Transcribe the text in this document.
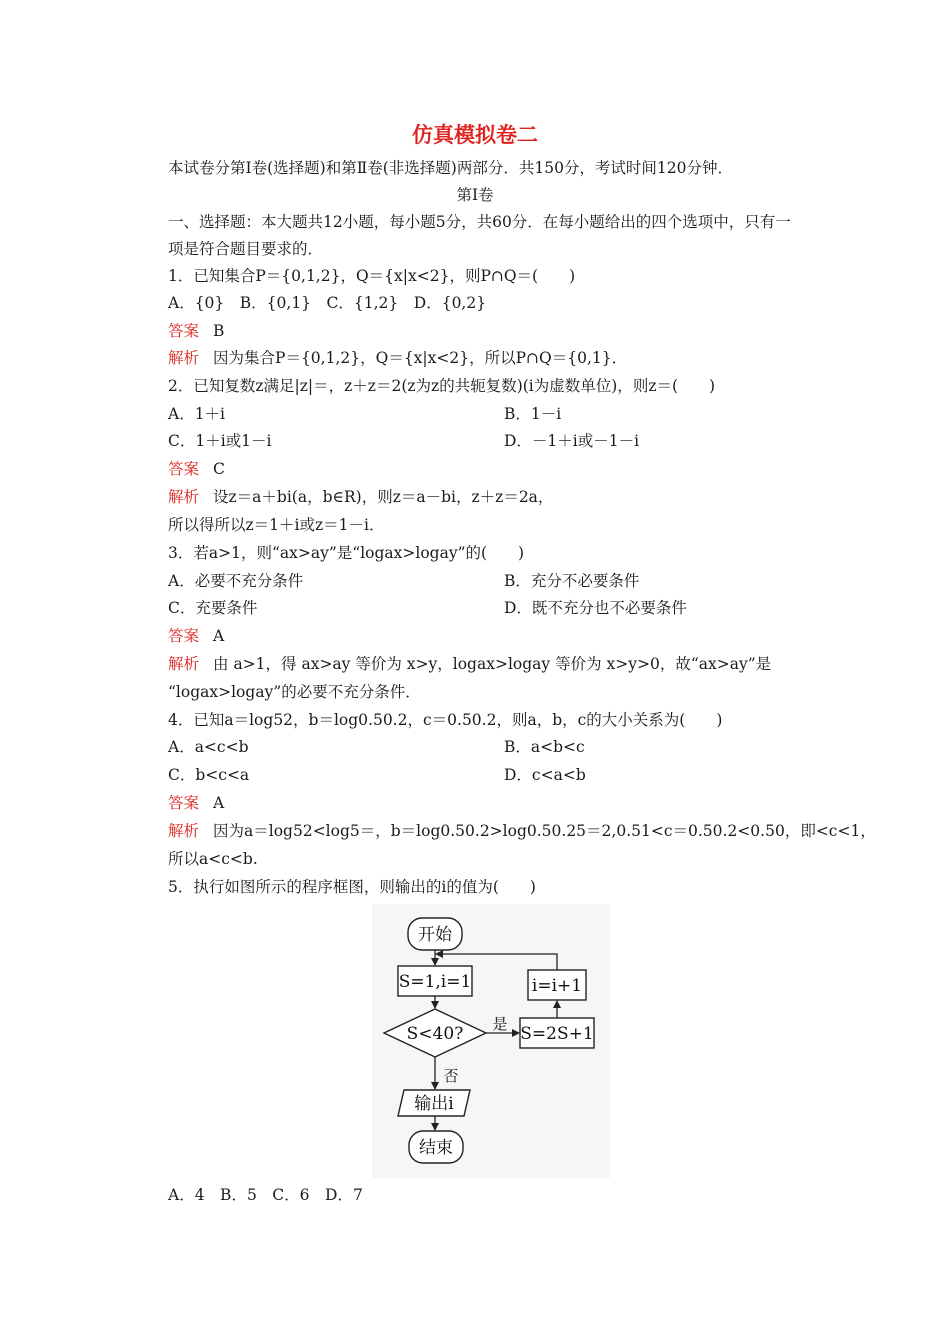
仿真模拟卷二
本试卷分第Ⅰ卷(选择题)和第Ⅱ卷(非选择题)两部分．共150分，考试时间120分钟．
第Ⅰ卷
一、选择题：本大题共12小题，每小题5分，共60分．在每小题给出的四个选项中，只有一
项是符合题目要求的．
1．已知集合P＝{0,1,2}，Q＝{x|x<2}，则P∩Q＝(　　)
A．{0}　B．{0,1}　C．{1,2}　D．{0,2}
答案 B
解析 因为集合P＝{0,1,2}，Q＝{x|x<2}，所以P∩Q＝{0,1}．
2．已知复数z满足|z|＝，z＋z＝2(z为z的共轭复数)(i为虚数单位)，则z＝(　　)
A．1＋i	B．1－i
C．1＋i或1－i	D．－1＋i或－1－i
答案 C
解析 设z＝a＋bi(a，b∈R)，则z＝a－bi，z＋z＝2a，
所以得所以z＝1＋i或z＝1－i．
3．若a>1，则“ax>ay”是“logax>logay”的(　　)
A．必要不充分条件	B．充分不必要条件
C．充要条件	D．既不充分也不必要条件
答案 A
解析 由 a>1，得 ax>ay 等价为 x>y，logax>logay 等价为 x>y>0，故“ax>ay”是
“logax>logay”的必要不充分条件．
4．已知a＝log52，b＝log0.50.2，c＝0.50.2，则a，b，c的大小关系为(　　)
A．a<c<b	B．a<b<c
C．b<c<a	D．c<a<b
答案 A
解析 因为a＝log52<log5＝，b＝log0.50.2>log0.50.25＝2,0.51<c＝0.50.2<0.50，即<c<1，
所以a<c<b.
5．执行如图所示的程序框图，则输出的i的值为(　　)
开始
S=1,i=1
S<40?	S=2S+1
i=i+1
输出i
结束
是
否
A．4　B．5　C．6　D．7
